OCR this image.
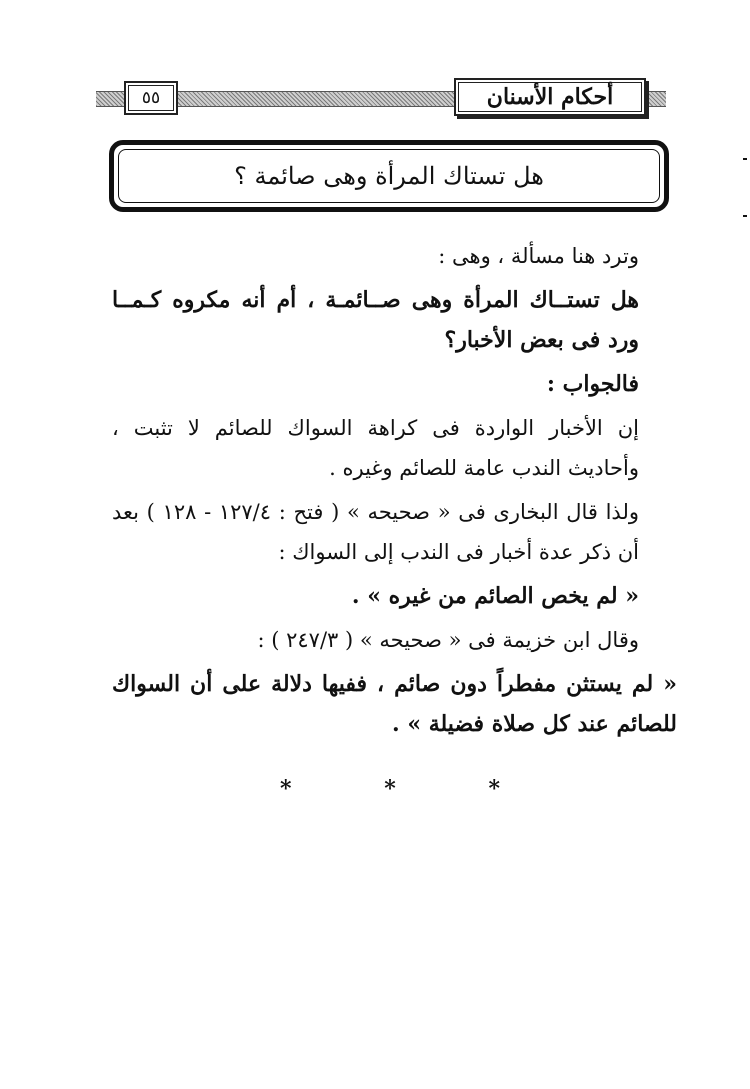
٥٥	أحكام الأسنان
هل تستاك المرأة وهى صائمة ؟

وترد هنا مسألة ، وهى :

هل تستــاك المرأة وهى صــائمـة ، أم أنه مكروه كـمــا ورد فى بعض الأخبار؟

فالجواب :

إن الأخبار الواردة فى كراهة السواك للصائم لا تثبت ، وأحاديث الندب عامة للصائم وغيره .

ولذا قال البخارى فى « صحيحه » ( فتح : ١٢٧/٤ - ١٢٨ ) بعد أن ذكر عدة أخبار فى الندب إلى السواك :

« لم يخص الصائم من غيره » .

وقال ابن خزيمة فى « صحيحه » ( ٢٤٧/٣ ) :

« لم يستثن مفطراً دون صائم ، ففيها دلالة على أن السواك للصائم عند كل صلاة فضيلة » .

*	*	*
